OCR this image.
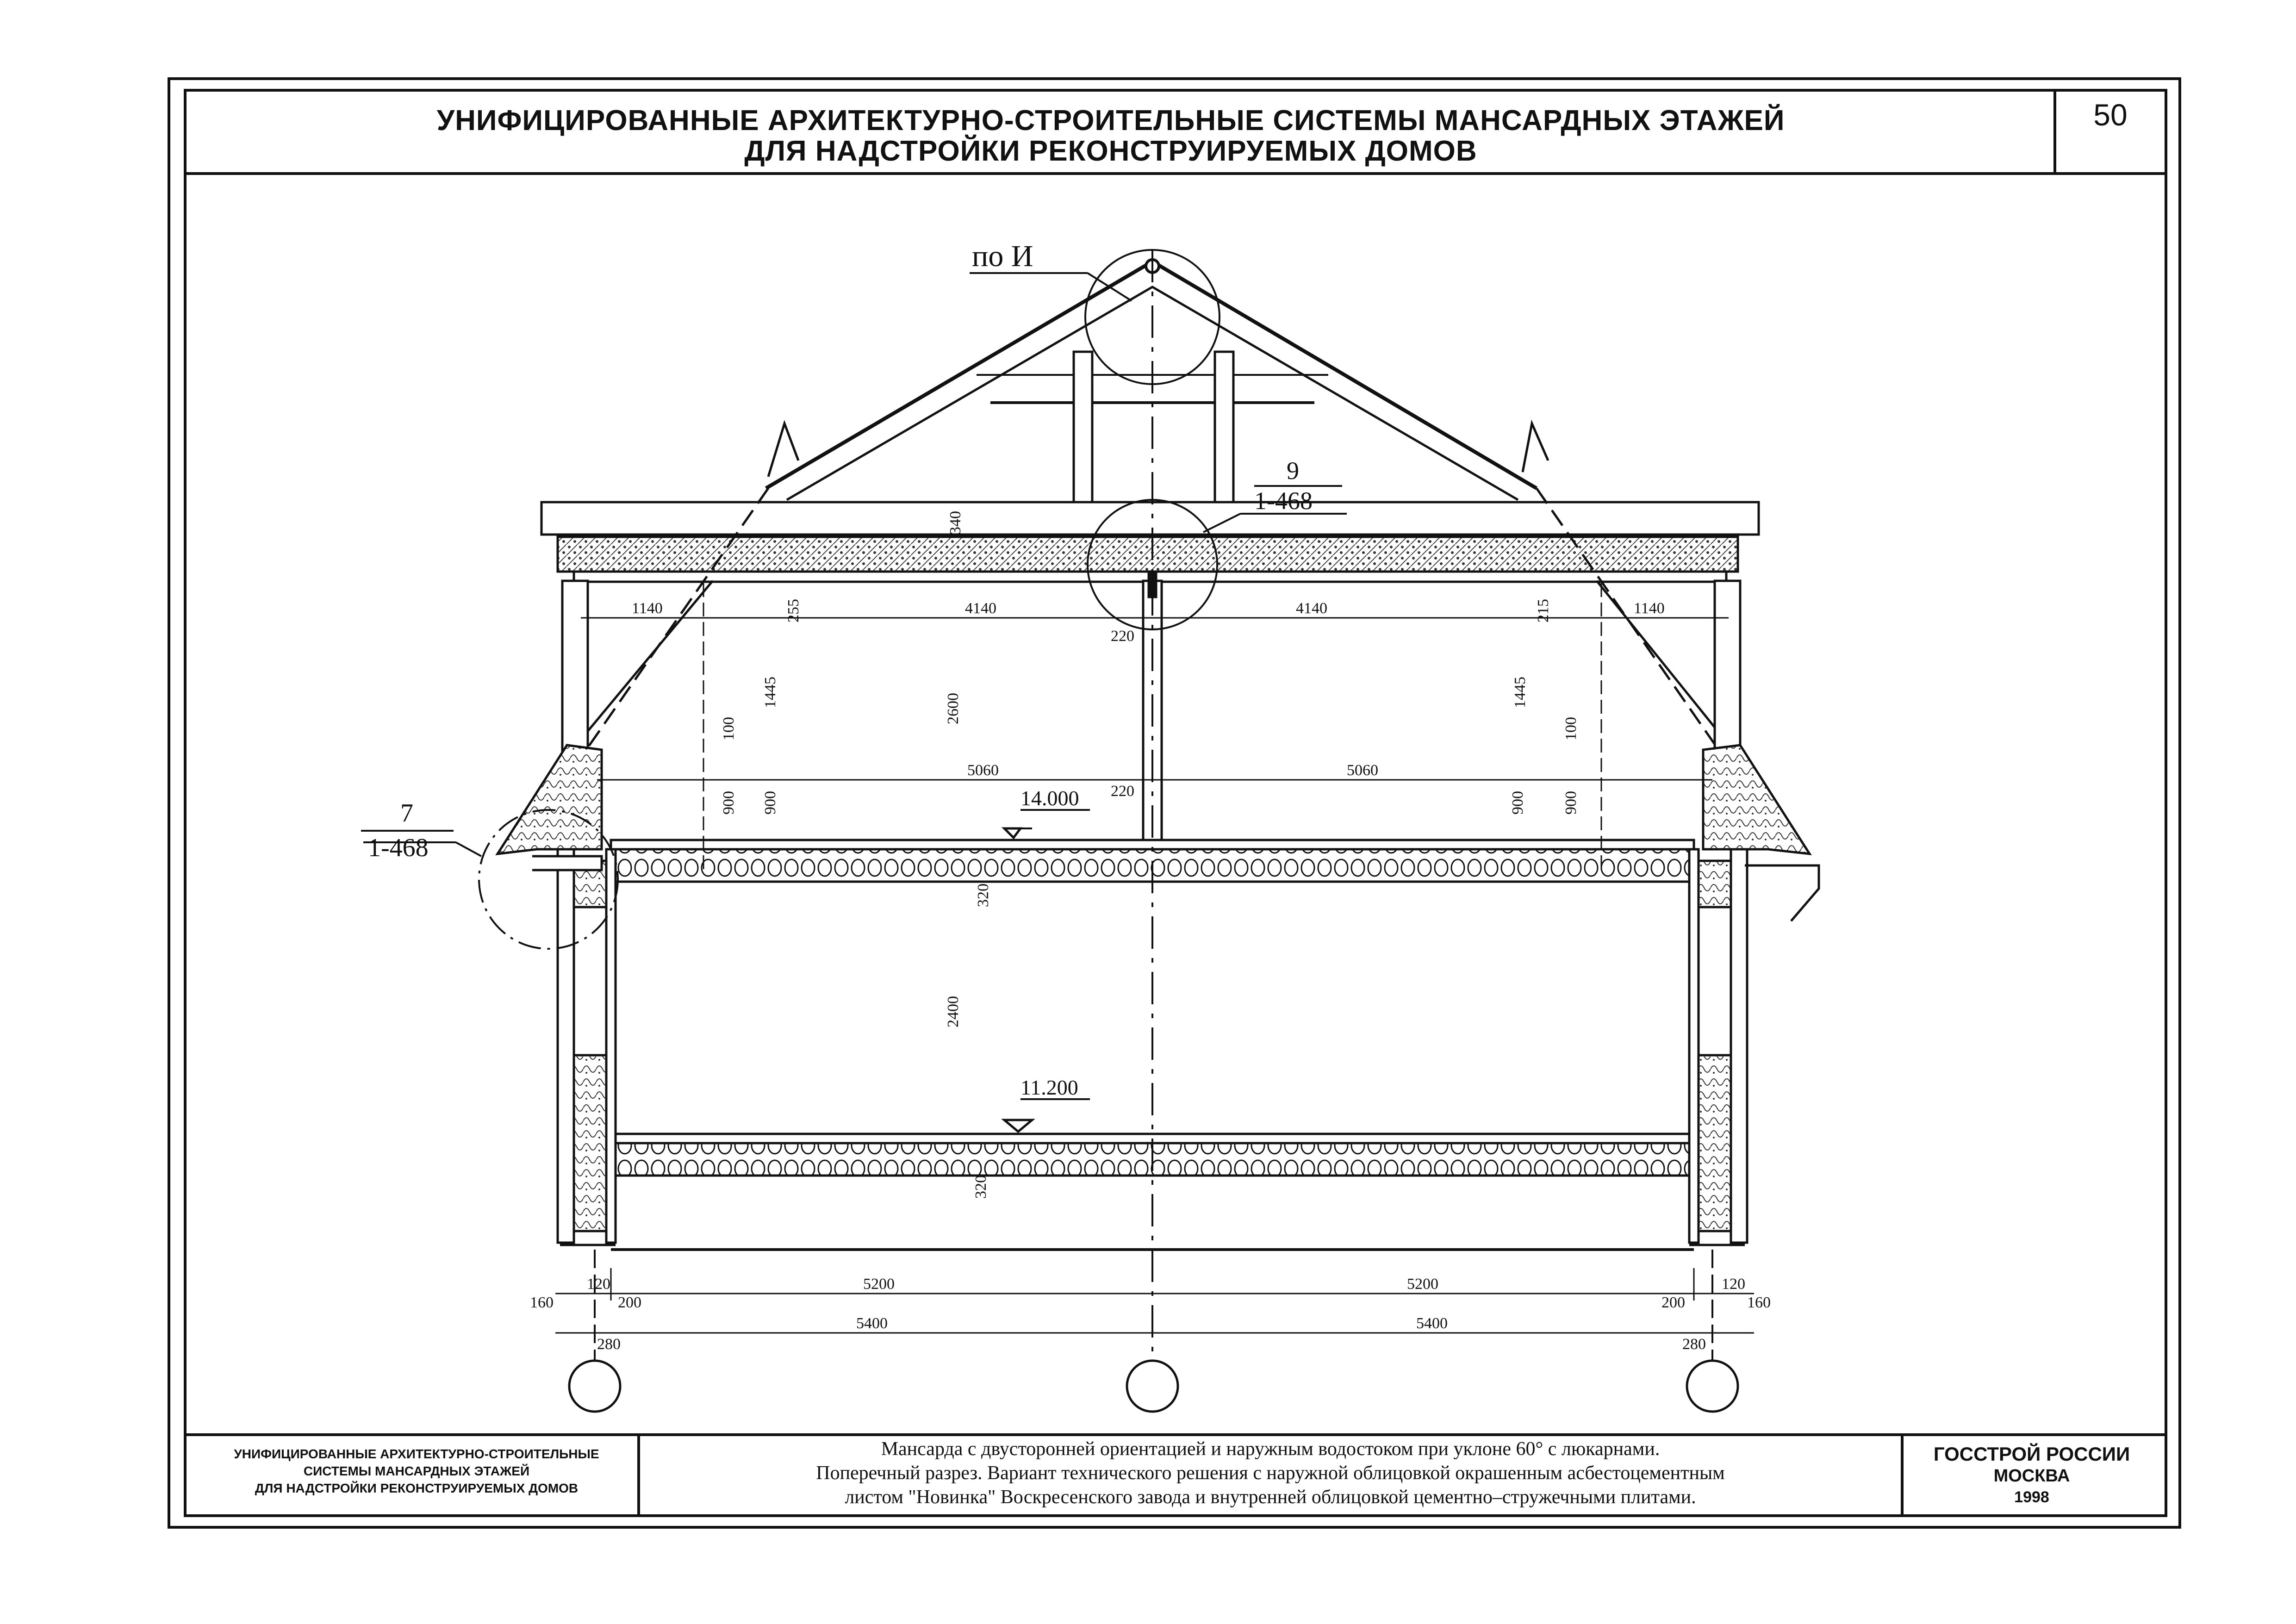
по И
9
1-468
7
1-468
14.000
11.200
1140	4140	4140	1140
220
220
5060	5060
5200	5200
5400	5400
160
120
200	200
120
160
280	280
340
255	215
1445	1445
2600
100	100
900 900	900 900
320
2400
320
УНИФИЦИРОВАННЫЕ АРХИТЕКТУРНО-СТРОИТЕЛЬНЫЕ СИСТЕМЫ МАНСАРДНЫХ ЭТАЖЕЙ
ДЛЯ НАДСТРОЙКИ РЕКОНСТРУИРУЕМЫХ ДОМОВ
50
УНИФИЦИРОВАННЫЕ АРХИТЕКТУРНО-СТРОИТЕЛЬНЫЕ
СИСТЕМЫ МАНСАРДНЫХ ЭТАЖЕЙ
ДЛЯ НАДСТРОЙКИ РЕКОНСТРУИРУЕМЫХ ДОМОВ
Мансарда с двусторонней ориентацией и наружным водостоком при уклоне 60° с люкарнами.
Поперечный разрез. Вариант технического решения с наружной облицовкой окрашенным асбестоцементным
листом "Новинка" Воскресенского завода и внутренней облицовкой цементно–стружечными плитами.
ГОССТРОЙ РОССИИ
МОСКВА
1998
